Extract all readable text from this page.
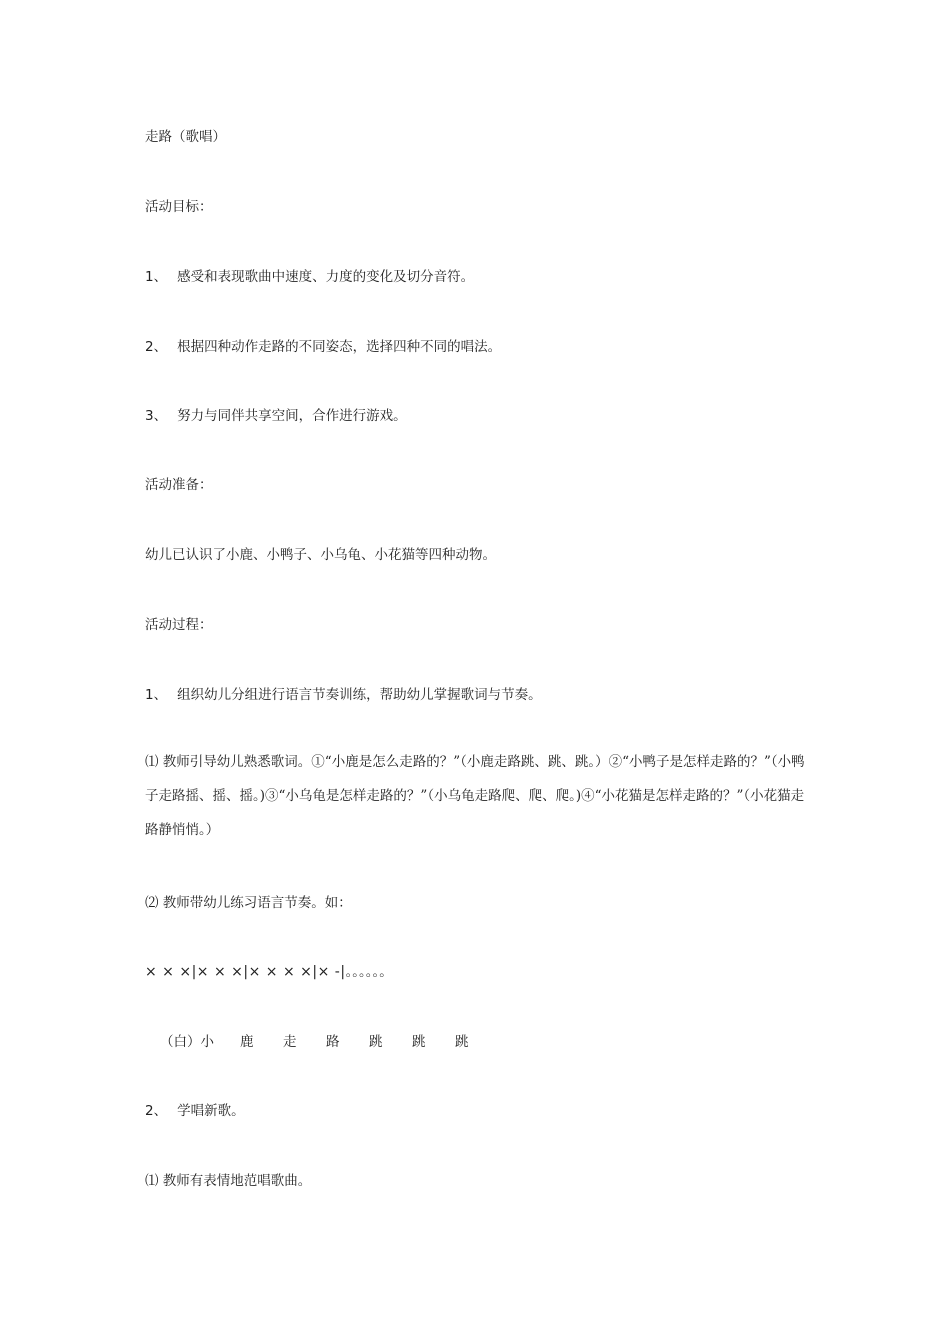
走路（歌唱）
活动目标：
1、 感受和表现歌曲中速度、力度的变化及切分音符。
2、 根据四种动作走路的不同姿态，选择四种不同的唱法。
3、 努力与同伴共享空间，合作进行游戏。
活动准备：
幼儿已认识了小鹿、小鸭子、小乌龟、小花猫等四种动物。
活动过程：
1、 组织幼儿分组进行语言节奏训练，帮助幼儿掌握歌词与节奏。
⑴ 教师引导幼儿熟悉歌词。①“小鹿是怎么走路的？”（小鹿走路跳、跳、跳。）②“小鸭子是怎样走路的？”（小鸭子走路摇、摇、摇。)③“小乌龟是怎样走路的？”（小乌龟走路爬、爬、爬。)④“小花猫是怎样走路的？”（小花猫走路静悄悄。）
⑵ 教师带幼儿练习语言节奏。如：
× × ×|× × ×|× × × ×|× -|。。。。。。
（白）小	鹿	走	路	跳	跳	跳
2、 学唱新歌。
⑴ 教师有表情地范唱歌曲。
